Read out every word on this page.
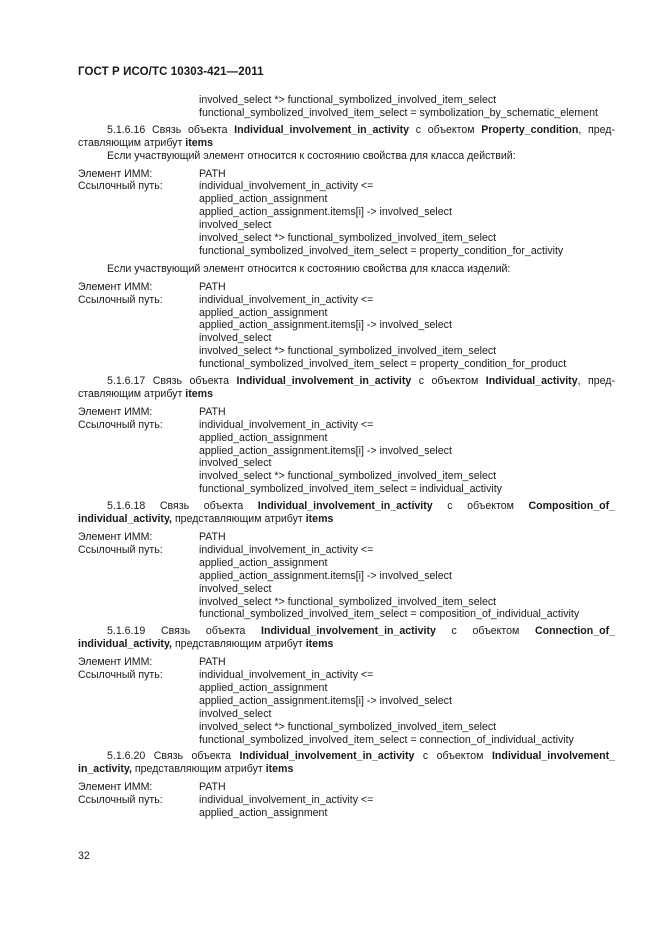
ГОСТ Р ИСО/ТС 10303-421—2011
involved_select *> functional_symbolized_involved_item_select
functional_symbolized_involved_item_select = symbolization_by_schematic_element
5.1.6.16 Связь объекта Individual_involvement_in_activity с объектом Property_condition, пред-
ставляющим атрибут items
Если участвующий элемент относится к состоянию свойства для класса действий:
Элемент ИММ:	PATH
Ссылочный путь:	individual_involvement_in_activity <=
applied_action_assignment
applied_action_assignment.items[i] -> involved_select
involved_select
involved_select *> functional_symbolized_involved_item_select
functional_symbolized_involved_item_select = property_condition_for_activity
Если участвующий элемент относится к состоянию свойства для класса изделий:
Элемент ИММ:	PATH
Ссылочный путь:	individual_involvement_in_activity <=
applied_action_assignment
applied_action_assignment.items[i] -> involved_select
involved_select
involved_select *> functional_symbolized_involved_item_select
functional_symbolized_involved_item_select = property_condition_for_product
5.1.6.17 Связь объекта Individual_involvement_in_activity с объектом Individual_activity, пред-
ставляющим атрибут items
Элемент ИММ:	PATH
Ссылочный путь:	individual_involvement_in_activity <=
applied_action_assignment
applied_action_assignment.items[i] -> involved_select
involved_select
involved_select *> functional_symbolized_involved_item_select
functional_symbolized_involved_item_select = individual_activity
5.1.6.18 Связь объекта Individual_involvement_in_activity с объектом Composition_of_
individual_activity, представляющим атрибут items
Элемент ИММ:	PATH
Ссылочный путь:	individual_involvement_in_activity <=
applied_action_assignment
applied_action_assignment.items[i] -> involved_select
involved_select
involved_select *> functional_symbolized_involved_item_select
functional_symbolized_involved_item_select = composition_of_individual_activity
5.1.6.19 Связь объекта Individual_involvement_in_activity с объектом Connection_of_
individual_activity, представляющим атрибут items
Элемент ИММ:	PATH
Ссылочный путь:	individual_involvement_in_activity <=
applied_action_assignment
applied_action_assignment.items[i] -> involved_select
involved_select
involved_select *> functional_symbolized_involved_item_select
functional_symbolized_involved_item_select = connection_of_individual_activity
5.1.6.20 Связь объекта Individual_involvement_in_activity с объектом Individual_involvement_
in_activity, представляющим атрибут items
Элемент ИММ:	PATH
Ссылочный путь:	individual_involvement_in_activity <=
applied_action_assignment
32
